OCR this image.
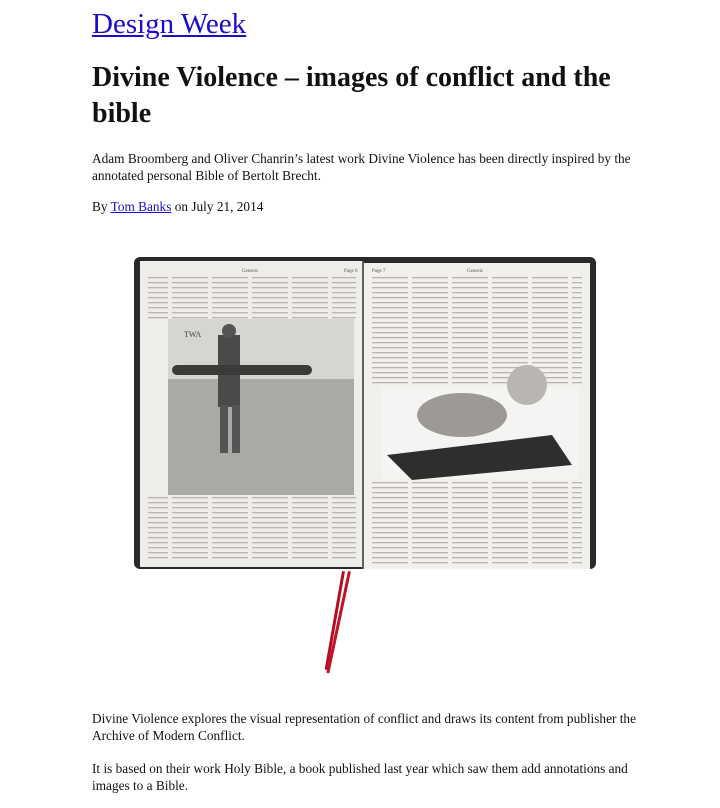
Design Week
Divine Violence – images of conflict and the bible
Adam Broomberg and Oliver Chanrin’s latest work Divine Violence has been directly inspired by the annotated personal Bible of Bertolt Brecht.
By Tom Banks on July 21, 2014
Genesis	Page 6	Page 7	Genesis
TWA
Divine Violence explores the visual representation of conflict and draws its content from publisher the Archive of Modern Conflict.
It is based on their work Holy Bible, a book published last year which saw them add annotations and images to a Bible.
